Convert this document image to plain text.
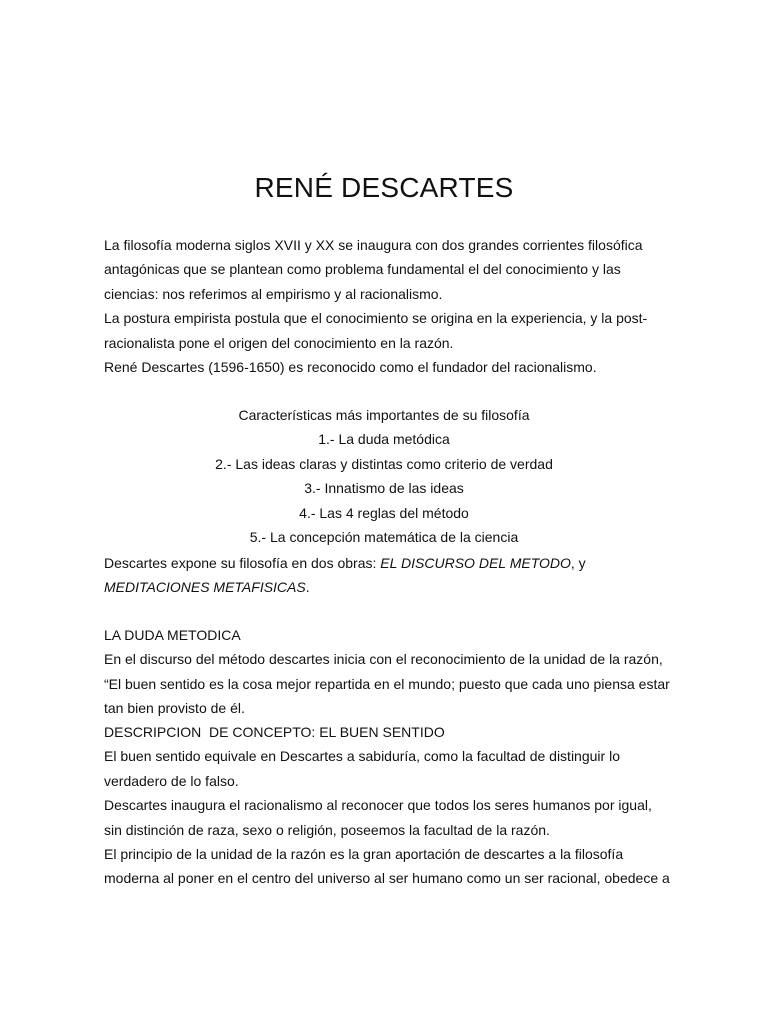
RENÉ DESCARTES
La filosofía moderna siglos XVII y XX se inaugura con dos grandes corrientes filosófica
antagónicas que se plantean como problema fundamental el del conocimiento y las
ciencias: nos referimos al empirismo y al racionalismo.
La postura empirista postula que el conocimiento se origina en la experiencia, y la post-
racionalista pone el origen del conocimiento en la razón.
René Descartes (1596-1650) es reconocido como el fundador del racionalismo.
Características más importantes de su filosofía
1.- La duda metódica
2.- Las ideas claras y distintas como criterio de verdad
3.- Innatismo de las ideas
4.- Las 4 reglas del método
5.- La concepción matemática de la ciencia
Descartes expone su filosofía en dos obras: EL DISCURSO DEL METODO, y
MEDITACIONES METAFISICAS.
LA DUDA METODICA
En el discurso del método descartes inicia con el reconocimiento de la unidad de la razón,
“El buen sentido es la cosa mejor repartida en el mundo; puesto que cada uno piensa estar
tan bien provisto de él.
DESCRIPCION  DE CONCEPTO: EL BUEN SENTIDO
El buen sentido equivale en Descartes a sabiduría, como la facultad de distinguir lo
verdadero de lo falso.
Descartes inaugura el racionalismo al reconocer que todos los seres humanos por igual,
sin distinción de raza, sexo o religión, poseemos la facultad de la razón.
El principio de la unidad de la razón es la gran aportación de descartes a la filosofía
moderna al poner en el centro del universo al ser humano como un ser racional, obedece a
